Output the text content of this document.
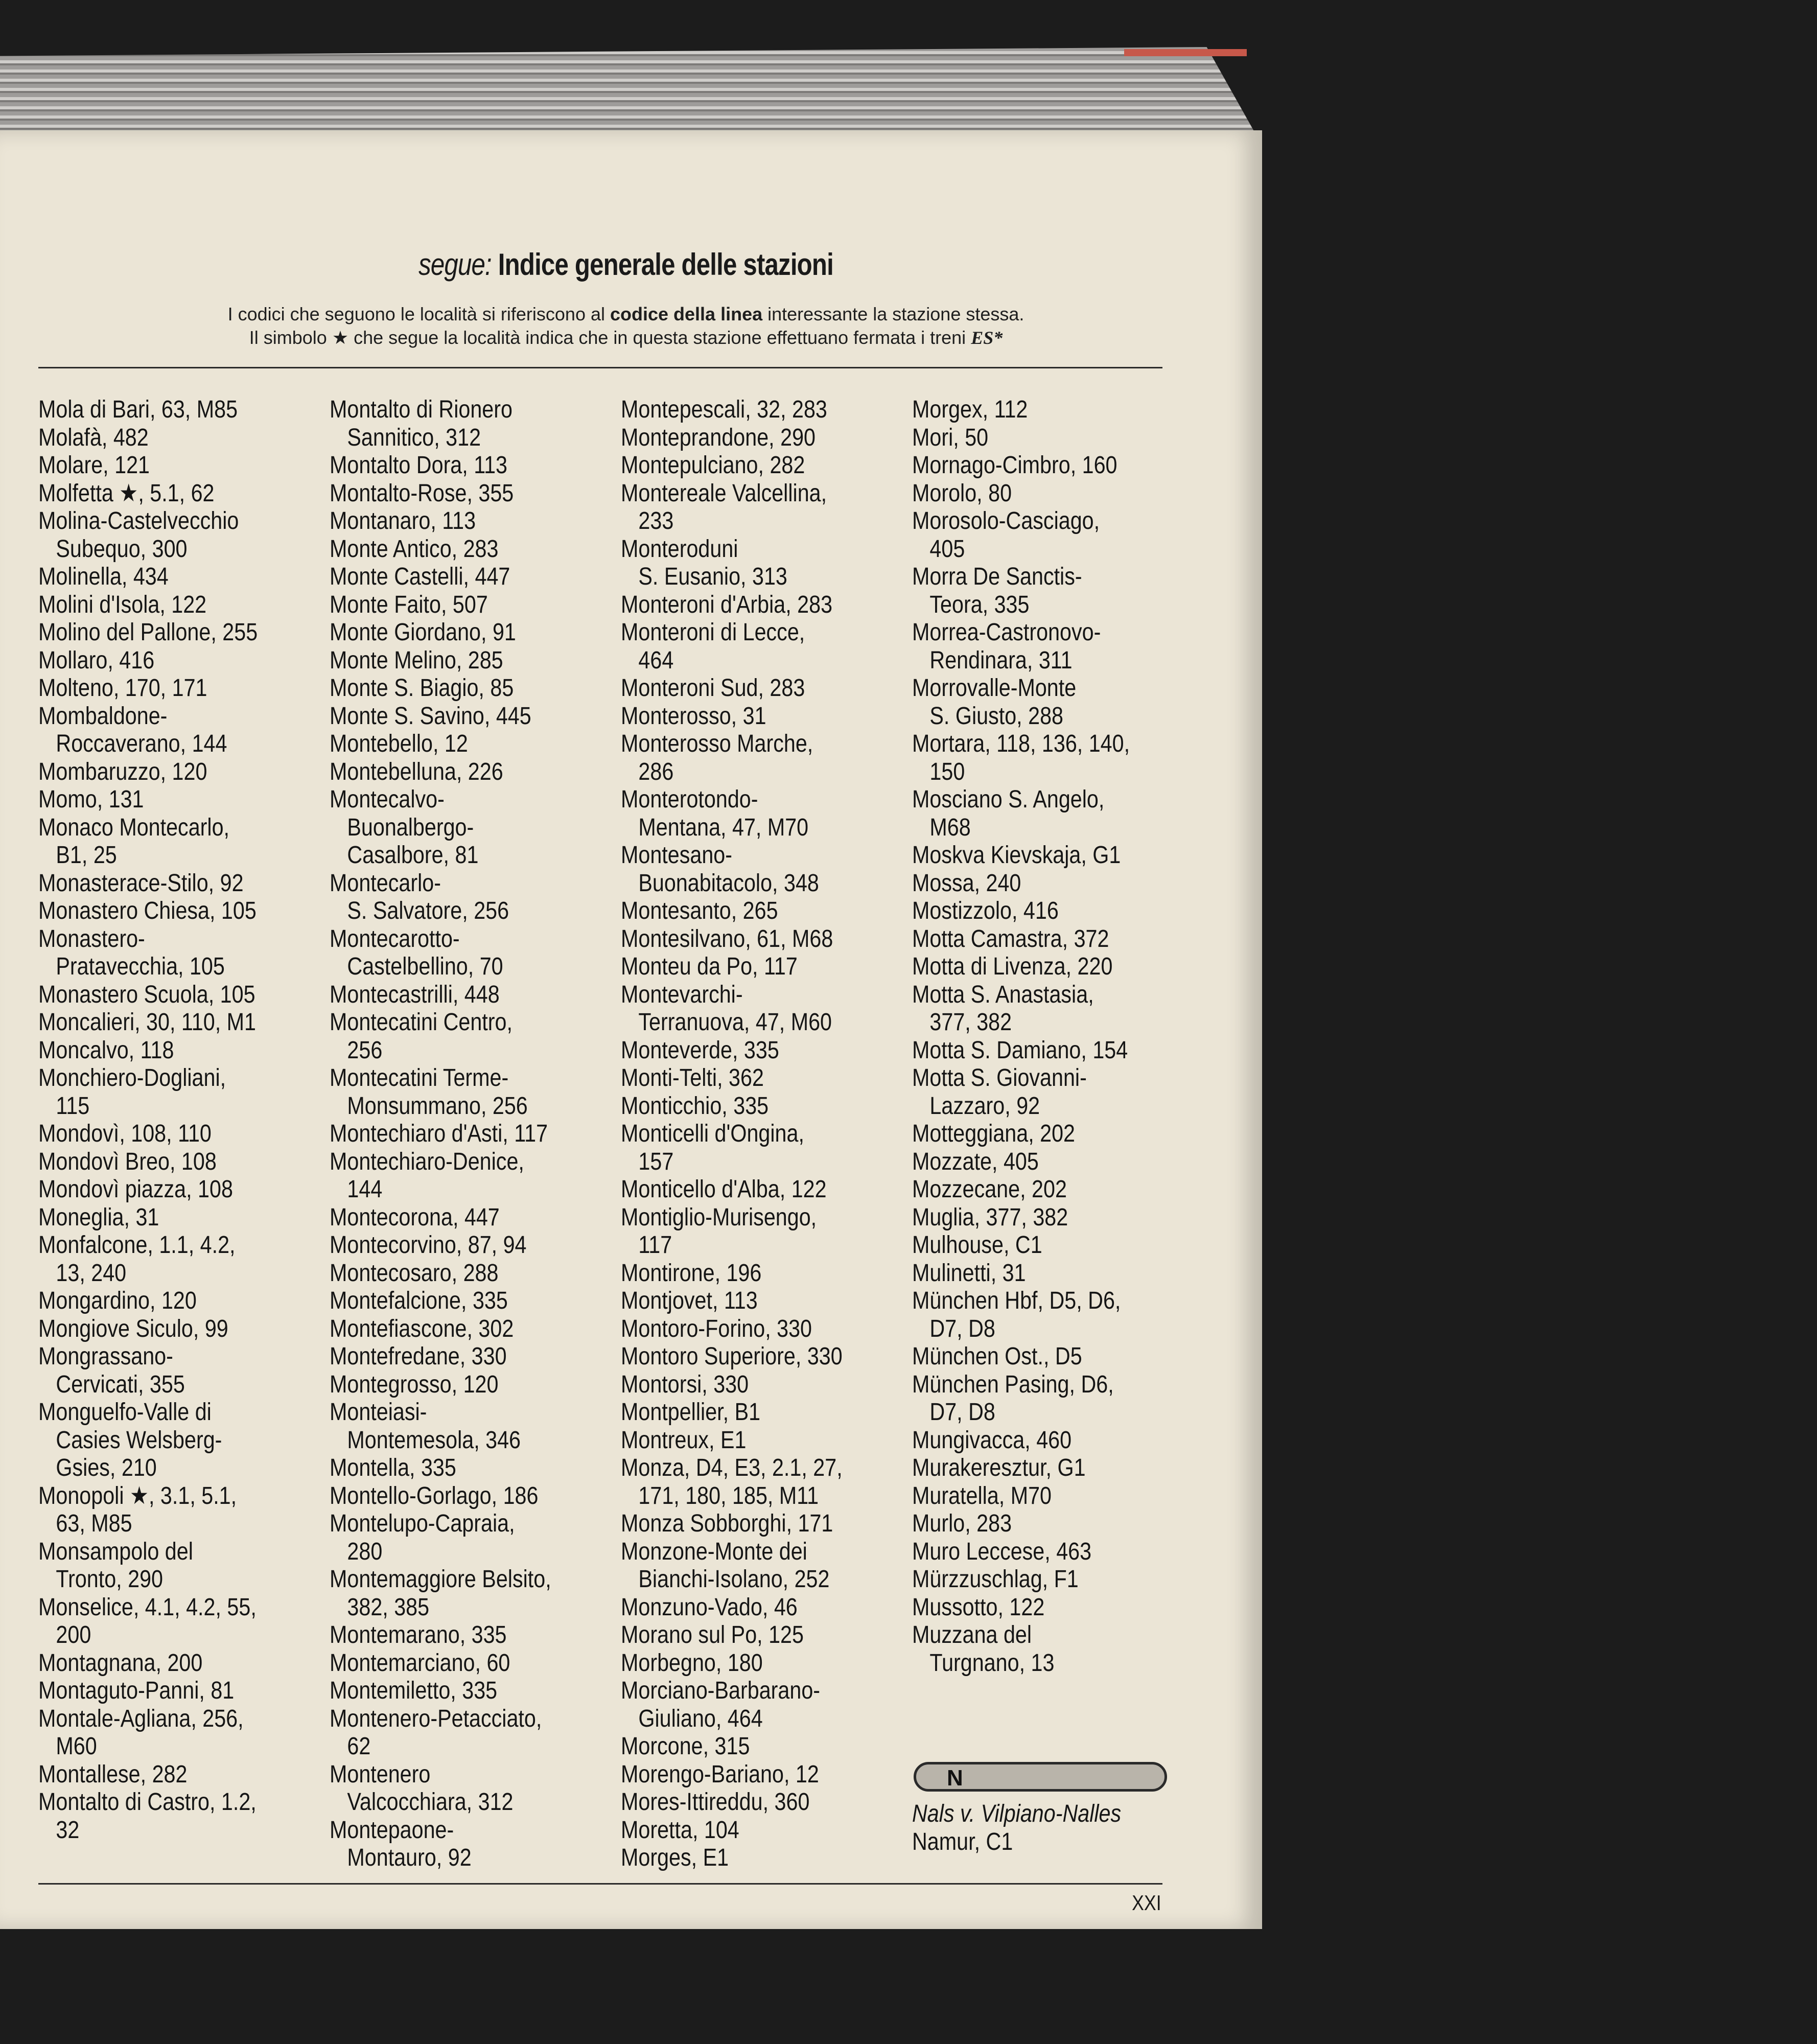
segue: Indice generale delle stazioni
I codici che seguono le località si riferiscono al codice della linea interessante la stazione stessa.
Il simbolo ★ che segue la località indica che in questa stazione effettuano fermata i treni ES*
Mola di Bari, 63, M85
Molafà, 482
Molare, 121
Molfetta ★, 5.1, 62
Molina-Castelvecchio
Subequo, 300
Molinella, 434
Molini d'Isola, 122
Molino del Pallone, 255
Mollaro, 416
Molteno, 170, 171
Mombaldone-
Roccaverano, 144
Mombaruzzo, 120
Momo, 131
Monaco Montecarlo,
B1, 25
Monasterace-Stilo, 92
Monastero Chiesa, 105
Monastero-
Pratavecchia, 105
Monastero Scuola, 105
Moncalieri, 30, 110, M1
Moncalvo, 118
Monchiero-Dogliani,
115
Mondovì, 108, 110
Mondovì Breo, 108
Mondovì piazza, 108
Moneglia, 31
Monfalcone, 1.1, 4.2,
13, 240
Mongardino, 120
Mongiove Siculo, 99
Mongrassano-
Cervicati, 355
Monguelfo-Valle di
Casies Welsberg-
Gsies, 210
Monopoli ★, 3.1, 5.1,
63, M85
Monsampolo del
Tronto, 290
Monselice, 4.1, 4.2, 55,
200
Montagnana, 200
Montaguto-Panni, 81
Montale-Agliana, 256,
M60
Montallese, 282
Montalto di Castro, 1.2,
32
Montalto di Rionero
Sannitico, 312
Montalto Dora, 113
Montalto-Rose, 355
Montanaro, 113
Monte Antico, 283
Monte Castelli, 447
Monte Faito, 507
Monte Giordano, 91
Monte Melino, 285
Monte S. Biagio, 85
Monte S. Savino, 445
Montebello, 12
Montebelluna, 226
Montecalvo-
Buonalbergo-
Casalbore, 81
Montecarlo-
S. Salvatore, 256
Montecarotto-
Castelbellino, 70
Montecastrilli, 448
Montecatini Centro,
256
Montecatini Terme-
Monsummano, 256
Montechiaro d'Asti, 117
Montechiaro-Denice,
144
Montecorona, 447
Montecorvino, 87, 94
Montecosaro, 288
Montefalcione, 335
Montefiascone, 302
Montefredane, 330
Montegrosso, 120
Monteiasi-
Montemesola, 346
Montella, 335
Montello-Gorlago, 186
Montelupo-Capraia,
280
Montemaggiore Belsito,
382, 385
Montemarano, 335
Montemarciano, 60
Montemiletto, 335
Montenero-Petacciato,
62
Montenero
Valcocchiara, 312
Montepaone-
Montauro, 92
Montepescali, 32, 283
Monteprandone, 290
Montepulciano, 282
Montereale Valcellina,
233
Monteroduni
S. Eusanio, 313
Monteroni d'Arbia, 283
Monteroni di Lecce,
464
Monteroni Sud, 283
Monterosso, 31
Monterosso Marche,
286
Monterotondo-
Mentana, 47, M70
Montesano-
Buonabitacolo, 348
Montesanto, 265
Montesilvano, 61, M68
Monteu da Po, 117
Montevarchi-
Terranuova, 47, M60
Monteverde, 335
Monti-Telti, 362
Monticchio, 335
Monticelli d'Ongina,
157
Monticello d'Alba, 122
Montiglio-Murisengo,
117
Montirone, 196
Montjovet, 113
Montoro-Forino, 330
Montoro Superiore, 330
Montorsi, 330
Montpellier, B1
Montreux, E1
Monza, D4, E3, 2.1, 27,
171, 180, 185, M11
Monza Sobborghi, 171
Monzone-Monte dei
Bianchi-Isolano, 252
Monzuno-Vado, 46
Morano sul Po, 125
Morbegno, 180
Morciano-Barbarano-
Giuliano, 464
Morcone, 315
Morengo-Bariano, 12
Mores-Ittireddu, 360
Moretta, 104
Morges, E1
Morgex, 112
Mori, 50
Mornago-Cimbro, 160
Morolo, 80
Morosolo-Casciago,
405
Morra De Sanctis-
Teora, 335
Morrea-Castronovo-
Rendinara, 311
Morrovalle-Monte
S. Giusto, 288
Mortara, 118, 136, 140,
150
Mosciano S. Angelo,
M68
Moskva Kievskaja, G1
Mossa, 240
Mostizzolo, 416
Motta Camastra, 372
Motta di Livenza, 220
Motta S. Anastasia,
377, 382
Motta S. Damiano, 154
Motta S. Giovanni-
Lazzaro, 92
Motteggiana, 202
Mozzate, 405
Mozzecane, 202
Muglia, 377, 382
Mulhouse, C1
Mulinetti, 31
München Hbf, D5, D6,
D7, D8
München Ost., D5
München Pasing, D6,
D7, D8
Mungivacca, 460
Murakeresztur, G1
Muratella, M70
Murlo, 283
Muro Leccese, 463
Mürzzuschlag, F1
Mussotto, 122
Muzzana del
Turgnano, 13
N
Nals v. Vilpiano-Nalles
Namur, C1
XXI
